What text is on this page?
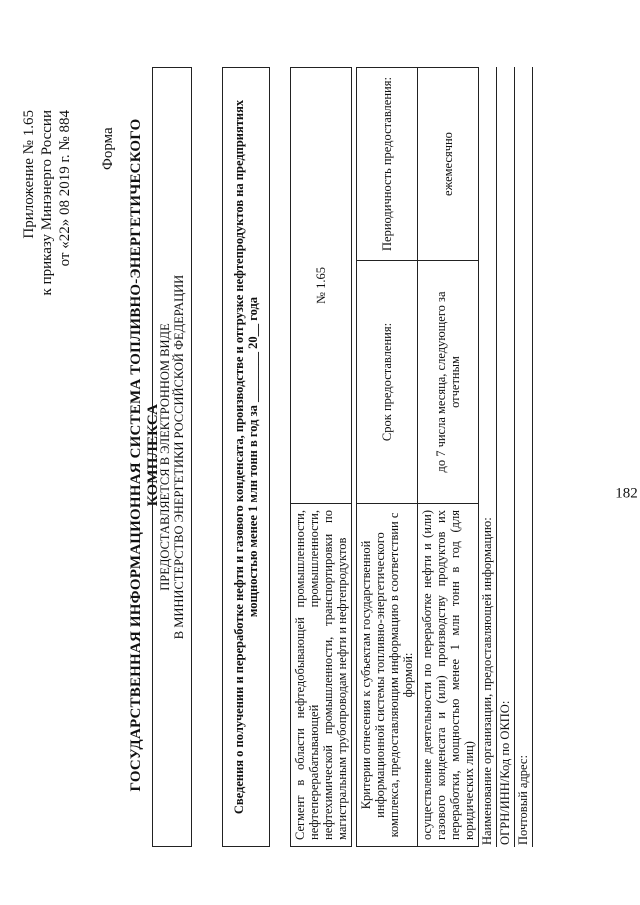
182
Приложение № 1.65 к приказу Минэнерго России от «22» 08 2019 г. № 884 Форма ГОСУДАРСТВЕННАЯ ИНФОРМАЦИОННАЯ СИСТЕМА ТОПЛИВНО-ЭНЕРГЕТИЧЕСКОГО КОМПЛЕКСА
ПРЕДОСТАВЛЯЕТСЯ В ЭЛЕКТРОННОМ ВИДЕ В МИНИСТЕРСТВО ЭНЕРГЕТИКИ РОССИЙСКОЙ ФЕДЕРАЦИИ	Сведения о получении и переработке нефти и газового конденсата, производстве и отгрузке нефтепродуктов на предприятиях мощностью менее 1 млн тонн в год за ________ 20__ года
Сегмент в области нефтедобывающей промышленности, нефтеперерабатывающей промышленности, нефтехимической промышленности, транспортировки по магистральным трубопроводам нефти и нефтепродуктов	№ 1.65
Критерии отнесения к субъектам государственной информационной системы топливно-энергетического комплекса, предоставляющим информацию в соответствии с формой:	Срок предоставления:	Периодичность предоставления:
осуществление деятельности по переработке нефти и (или) газового конденсата и (или) производству продуктов их переработки, мощностью менее 1 млн тонн в год (для юридических лиц)	до 7 числа месяца, следующего за отчетным	ежемесячно
Наименование организации, предоставляющей информацию: ОГРН/ИНН/Код по ОКПО: Почтовый адрес:
